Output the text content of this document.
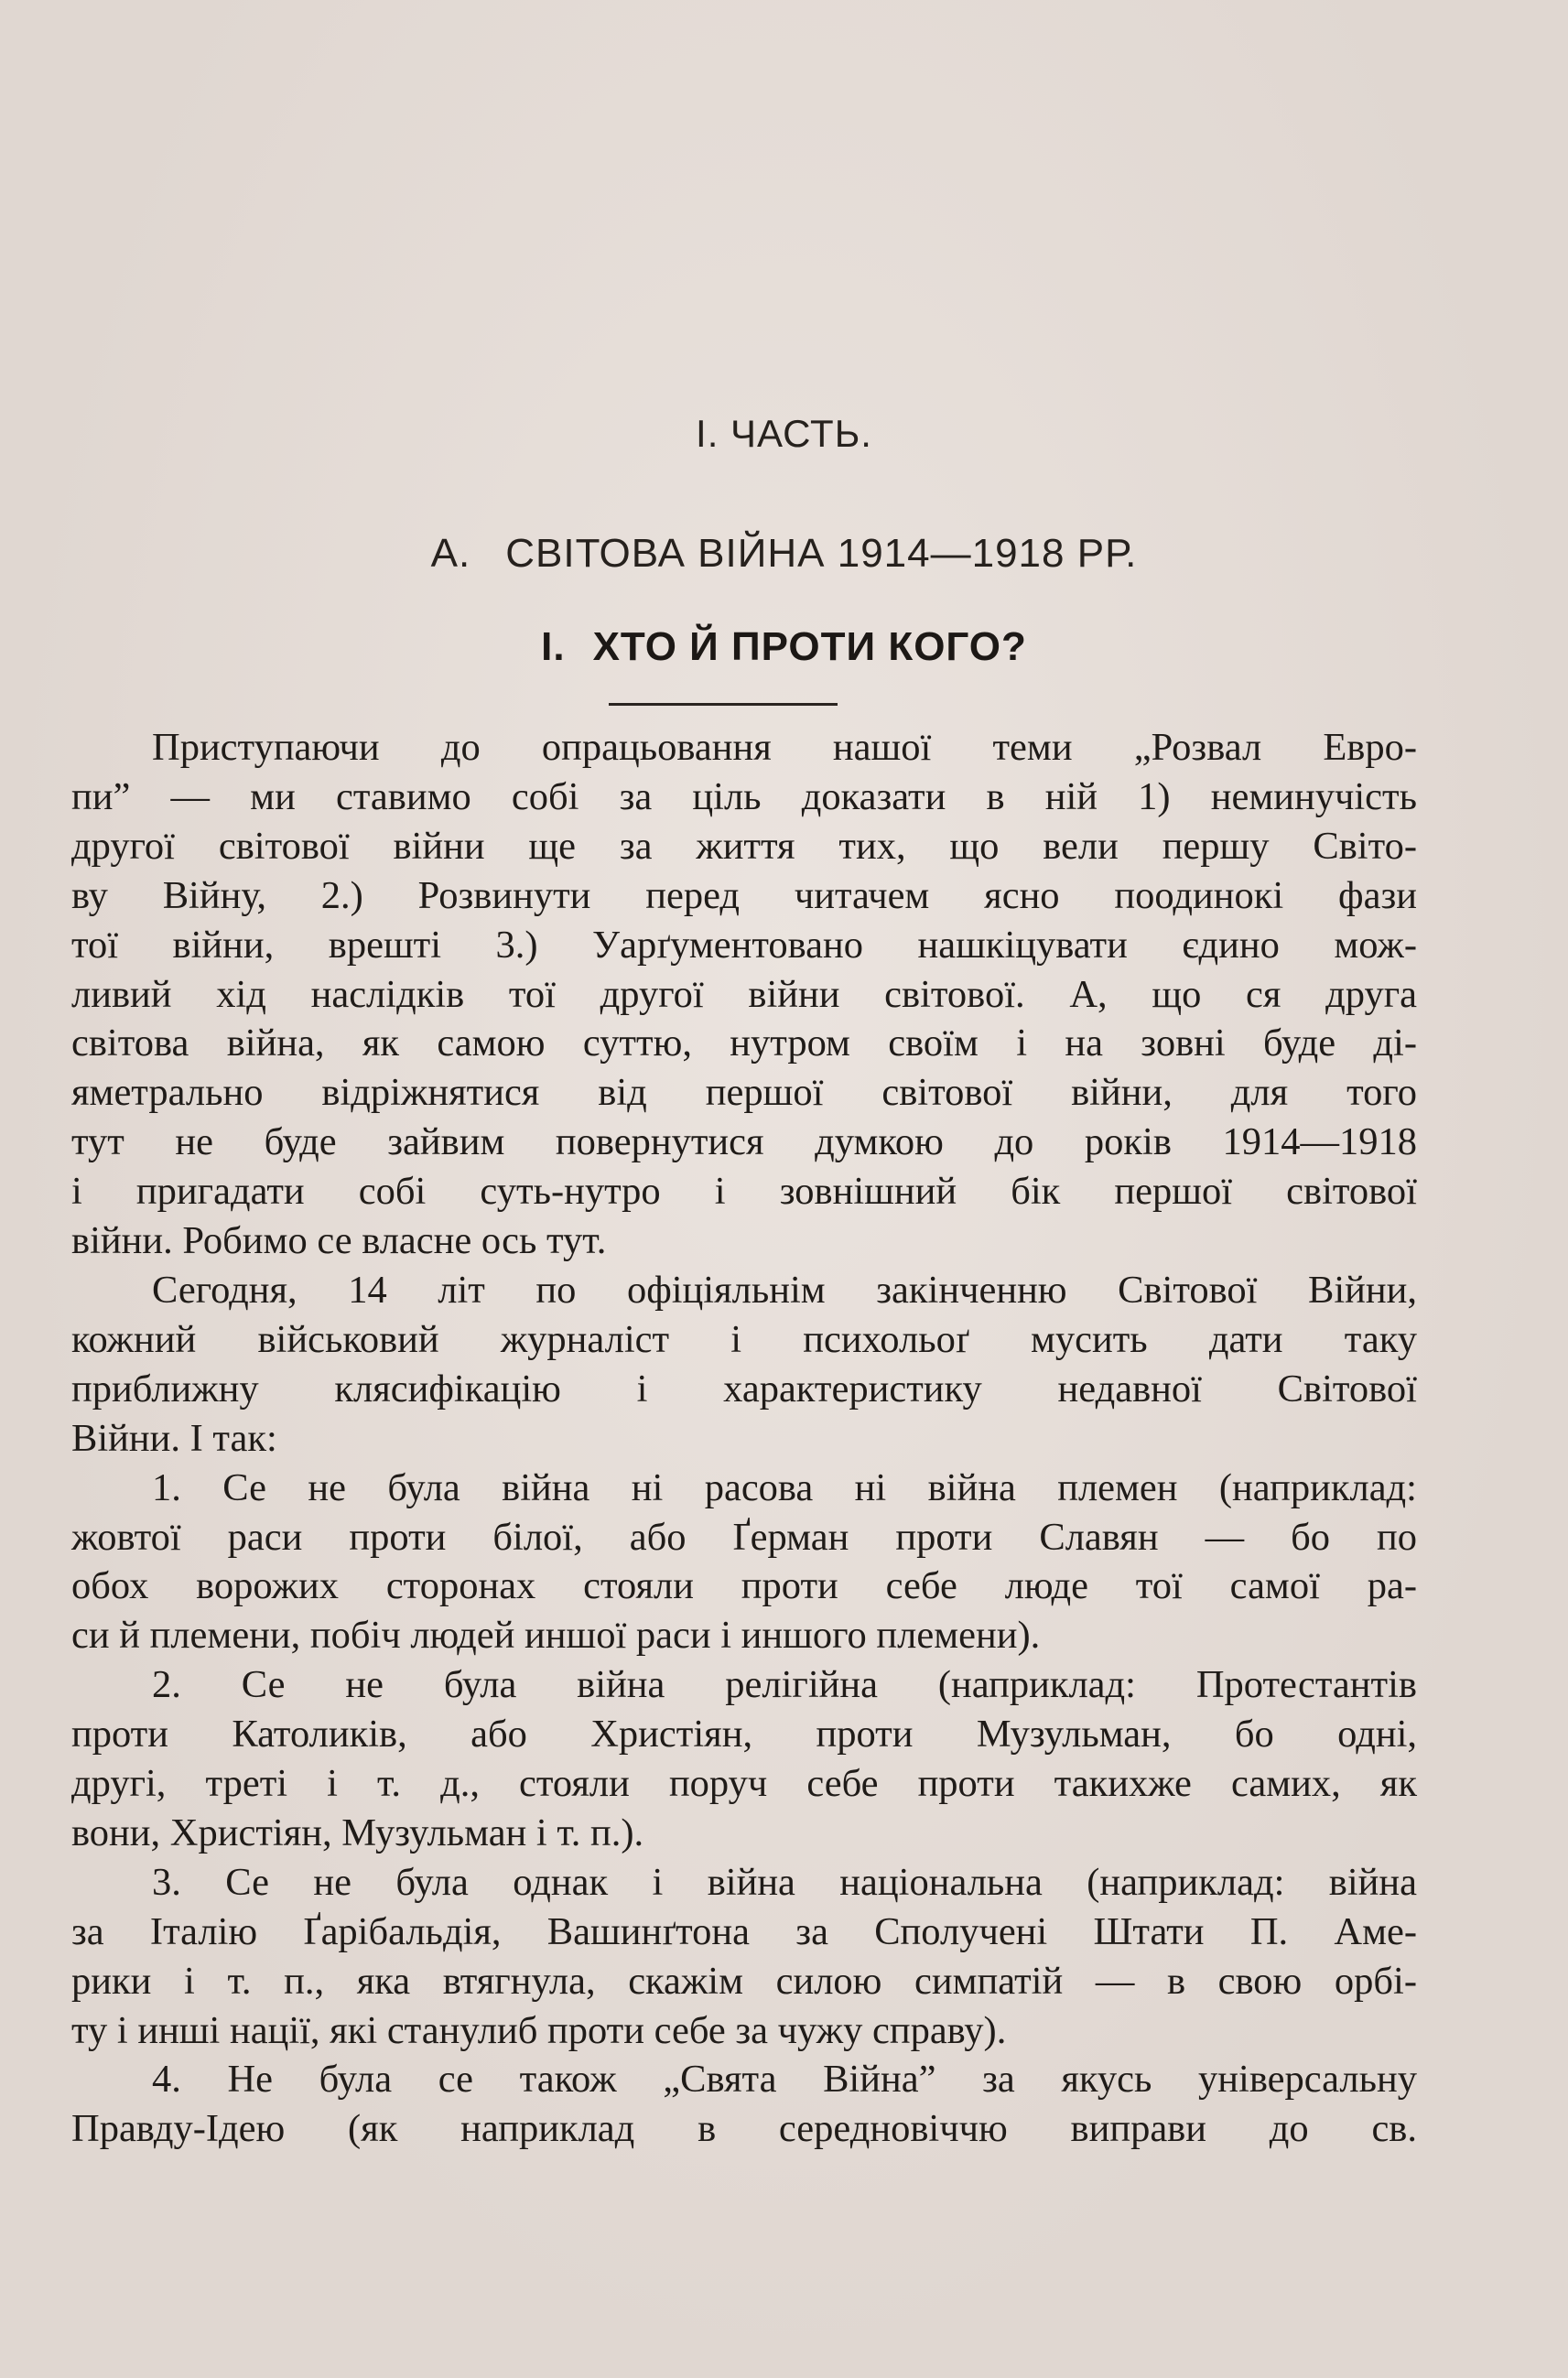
I. ЧАСТЬ.
А. СВІТОВА ВІЙНА 1914—1918 РР.
I. ХТО Й ПРОТИ КОГО?
Приступаючи до опрацьовання нашої теми „Розвал Евро-
пи” — ми ставимо собі за ціль доказати в ній 1) неминучість
другої світової війни ще за життя тих, що вели першу Світо-
ву Війну, 2.) Розвинути перед читачем ясно поодинокі фази
тої війни, врешті 3.) Уарґументовано нашкіцувати єдино мож-
ливий хід наслідків тої другої війни світової. А, що ся друга
світова війна, як самою суттю, нутром своїм і на зовні буде ді-
яметрально відріжнятися від першої світової війни, для того
тут не буде зайвим повернутися думкою до років 1914—1918
і пригадати собі суть-нутро і зовнішний бік першої світової
війни. Робимо се власне ось тут.
Сегодня, 14 літ по офіціяльнім закінченню Світової Війни,
кожний військовий журналіст і психольоґ мусить дати таку
приближну клясифікацію і характеристику недавної Світової
Війни. І так:
1. Се не була війна ні расова ні війна племен (наприклад:
жовтої раси проти білої, або Ґерман проти Славян — бо по
обох ворожих сторонах стояли проти себе люде тої самої ра-
си й племени, побіч людей иншої раси і иншого племени).
2. Се не була війна релігійна (наприклад: Протестантів
проти Католиків, або Христіян, проти Музульман, бо одні,
другі, треті і т. д., стояли поруч себе проти такихже самих, як
вони, Христіян, Музульман і т. п.).
3. Се не була однак і війна національна (наприклад: війна
за Італію Ґарібальдія, Вашинґтона за Сполучені Штати П. Аме-
рики і т. п., яка втягнула, скажім силою симпатій — в свою орбі-
ту і инші нації, які станулиб проти себе за чужу справу).
4. Не була се також „Свята Війна” за якусь універсальну
Правду-Ідею (як наприклад в середновіччю виправи до св.
